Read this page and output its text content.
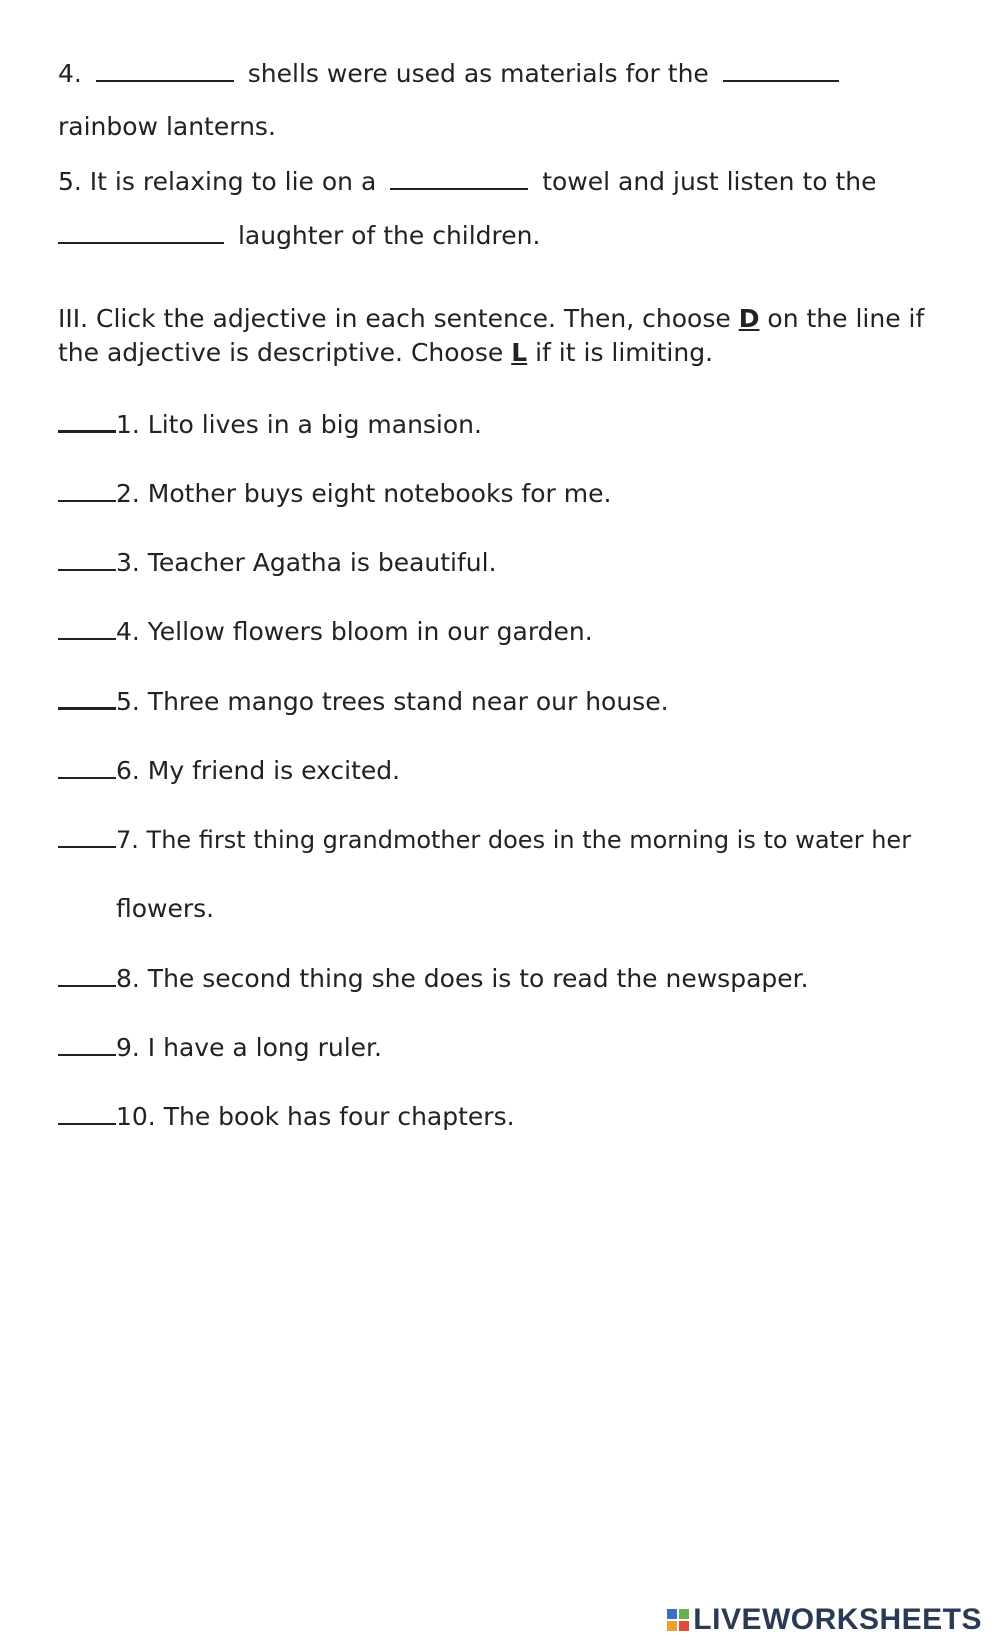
4.	shells were used as materials for the
rainbow lanterns.
5. It is relaxing to lie on a	towel and just listen to the
laughter of the children.
III. Click the adjective in each sentence. Then, choose D on the line if
the adjective is descriptive. Choose L if it is limiting.
1. Lito lives in a big mansion.
2. Mother buys eight notebooks for me.
3. Teacher Agatha is beautiful.
4. Yellow flowers bloom in our garden.
5. Three mango trees stand near our house.
6. My friend is excited.
7. The first thing grandmother does in the morning is to water her
flowers.
8. The second thing she does is to read the newspaper.
9. I have a long ruler.
10. The book has four chapters.
LIVEWORKSHEETS
